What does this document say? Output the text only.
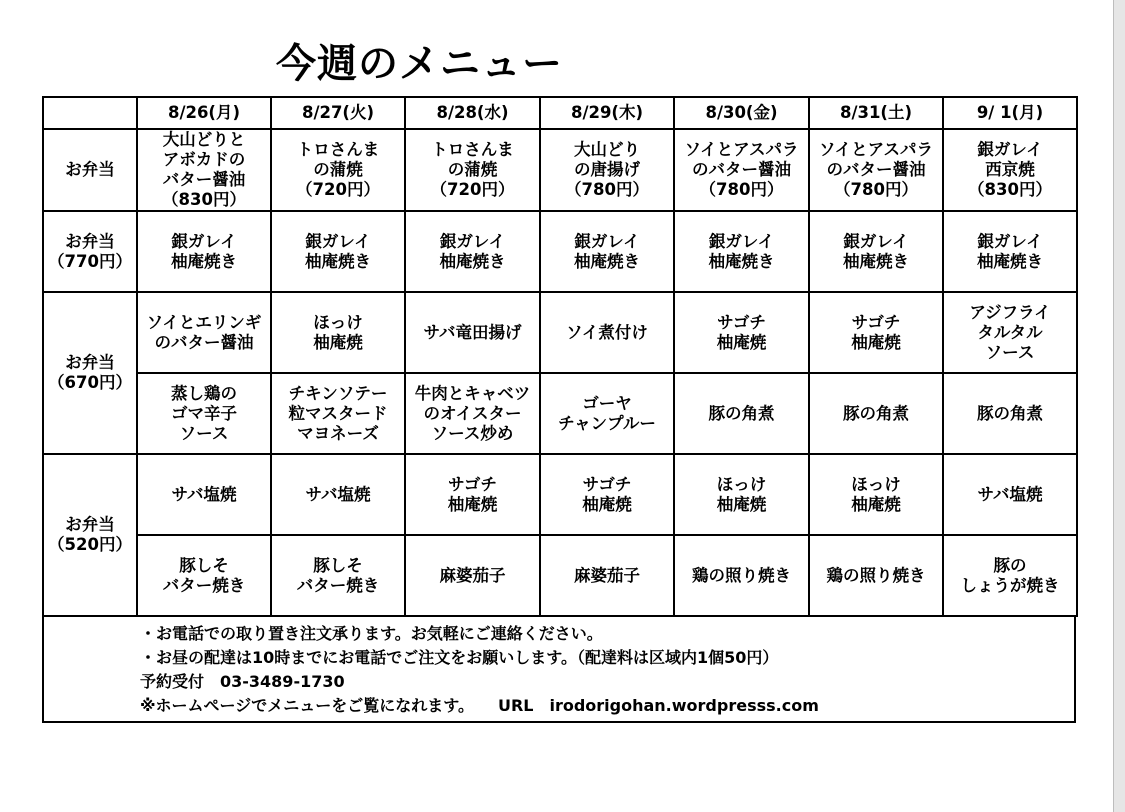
今週のメニュー
	8/26(月)	8/27(火)	8/28(水)	8/29(木)	8/30(金)	8/31(土)	9/ 1(月)
お弁当	大山どりと
アボカドの
バター醤油
（830円）	トロさんま
の蒲焼
（720円）	トロさんま
の蒲焼
（720円）	大山どり
の唐揚げ
（780円）	ソイとアスパラ
のバター醤油
（780円）	ソイとアスパラ
のバター醤油
（780円）	銀ガレイ
西京焼
（830円）
お弁当
（770円）	銀ガレイ
柚庵焼き	銀ガレイ
柚庵焼き	銀ガレイ
柚庵焼き	銀ガレイ
柚庵焼き	銀ガレイ
柚庵焼き	銀ガレイ
柚庵焼き	銀ガレイ
柚庵焼き
お弁当
（670円）	ソイとエリンギ
のバター醤油	ほっけ
柚庵焼	サバ竜田揚げ	ソイ煮付け	サゴチ
柚庵焼	サゴチ
柚庵焼	アジフライ
タルタル
ソース
	蒸し鶏の
ゴマ辛子
ソース	チキンソテー
粒マスタード
マヨネーズ	牛肉とキャベツ
のオイスター
ソース炒め	ゴーヤ
チャンプルー	豚の角煮	豚の角煮	豚の角煮
お弁当
（520円）	サバ塩焼	サバ塩焼	サゴチ
柚庵焼	サゴチ
柚庵焼	ほっけ
柚庵焼	ほっけ
柚庵焼	サバ塩焼
	豚しそ
バター焼き	豚しそ
バター焼き	麻婆茄子	麻婆茄子	鶏の照り焼き	鶏の照り焼き	豚の
しょうが焼き
・お電話での取り置き注文承ります。お気軽にご連絡ください。
・お昼の配達は10時までにお電話でご注文をお願いします。（配達料は区域内1個50円）
予約受付　03-3489-1730
※ホームページでメニューをご覧になれます。　　URL　irodorigohan.wordpresss.com
